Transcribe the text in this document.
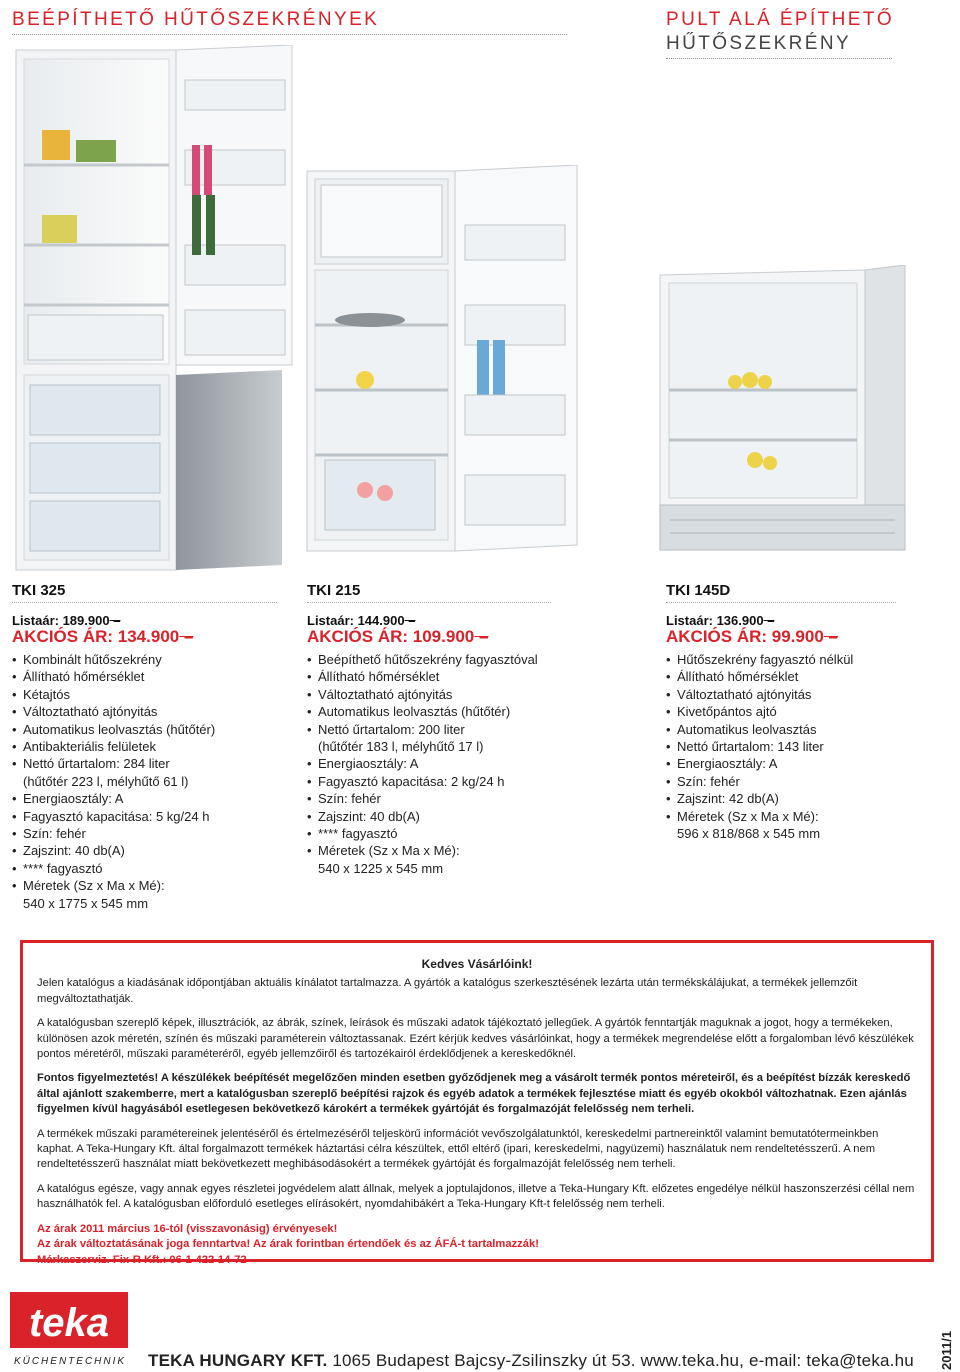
BEÉPÍTHETŐ HŰTŐSZEKRÉNYEK	PULT ALÁ ÉPÍTHETŐ
HŰTŐSZEKRÉNY
TKI 325
Listaár: 189.900 –
AKCIÓS ÁR: 134.900 –
• Kombinált hűtőszekrény
• Állítható hőmérséklet
• Kétajtós
• Változtatható ajtónyitás
• Automatikus leolvasztás (hűtőtér)
• Antibakteriális felületek
• Nettó űrtartalom: 284 liter
(hűtőtér 223 l, mélyhűtő 61 l)
• Energiaosztály: A
• Fagyasztó kapacitása: 5 kg/24 h
• Szín: fehér
• Zajszint: 40 db(A)
• **** fagyasztó
• Méretek (Sz x Ma x Mé):
540 x 1775 x 545 mm
TKI 215
Listaár: 144.900 –
AKCIÓS ÁR: 109.900 –
• Beépíthető hűtőszekrény fagyasztóval
• Állítható hőmérséklet
• Változtatható ajtónyitás
• Automatikus leolvasztás (hűtőtér)
• Nettó űrtartalom: 200 liter
(hűtőtér 183 l, mélyhűtő 17 l)
• Energiaosztály: A
• Fagyasztó kapacitása: 2 kg/24 h
• Szín: fehér
• Zajszint: 40 db(A)
• **** fagyasztó
• Méretek (Sz x Ma x Mé):
540 x 1225 x 545 mm
TKI 145D
Listaár: 136.900 –
AKCIÓS ÁR: 99.900 –
• Hűtőszekrény fagyasztó nélkül
• Állítható hőmérséklet
• Változtatható ajtónyitás
• Kivetőpántos ajtó
• Automatikus leolvasztás
• Nettó űrtartalom: 143 liter
• Energiaosztály: A
• Szín: fehér
• Zajszint: 42 db(A)
• Méretek (Sz x Ma x Mé):
596 x 818/868 x 545 mm
Kedves Vásárlóink!

Jelen katalógus a kiadásának időpontjában aktuális kínálatot tartalmazza. A gyártók a katalógus szerkesztésének lezárta után termékskálájukat, a termékek jellemzőit megváltoztathatják.

A katalógusban szereplő képek, illusztrációk, az ábrák, színek, leírások és műszaki adatok tájékoztató jellegűek. A gyártók fenntartják maguknak a jogot, hogy a termékeken, különösen azok méretén, színén és műszaki paraméterein változtassanak. Ezért kérjük kedves vásárlóinkat, hogy a termékek megrendelése előtt a forgalomban lévő készülékek pontos méretéről, műszaki paraméteréről, egyéb jellemzőiről és tartozékairól érdeklődjenek a kereskedőknél.

Fontos figyelmeztetés! A készülékek beépítését megelőzően minden esetben győződjenek meg a vásárolt termék pontos méreteiről, és a beépítést bízzák kereskedő által ajánlott szakemberre, mert a katalógusban szereplő beépítési rajzok és egyéb adatok a termékek fejlesztése miatt és egyéb okokból változhatnak. Ezen ajánlás figyelmen kívül hagyásából esetlegesen bekövetkező károkért a termékek gyártóját és forgalmazóját felelősség nem terheli.

A termékek műszaki paramétereinek jelentéséről és értelmezéséről teljeskörű információt vevőszolgálatunktól, kereskedelmi partnereinktől valamint bemutatótermeinkben kaphat. A Teka-Hungary Kft. által forgalmazott termékek háztartási célra készültek, ettől eltérő (ipari, kereskedelmi, nagyüzemi) használatuk nem rendeltetésszerű. A nem rendeltetésszerű használat miatt bekövetkezett meghibásodásokért a termékek gyártóját és forgalmazóját felelősség nem terheli.

A katalógus egésze, vagy annak egyes részletei jogvédelem alatt állnak, melyek a joptulajdonos, illetve a Teka-Hungary Kft. előzetes engedélye nélkül haszonszerzési céllal nem használhatók fel. A katalógusban előforduló esetleges elírásokért, nyomdahibákért a Teka-Hungary Kft-t felelősség nem terheli.

Az árak 2011 március 16-tól (visszavonásig) érvényesek!
Az árak változtatásának joga fenntartva! Az árak forintban értendőek és az ÁFÁ-t tartalmazzák!
Márkaszerviz. Fix-R Kft.: 06-1-422-14-72
teka
KÜCHENTECHNIK TEKA HUNGARY KFT. 1065 Budapest Bajcsy-Zsilinszky út 53. www.teka.hu, e-mail: teka@teka.hu 2011/1
